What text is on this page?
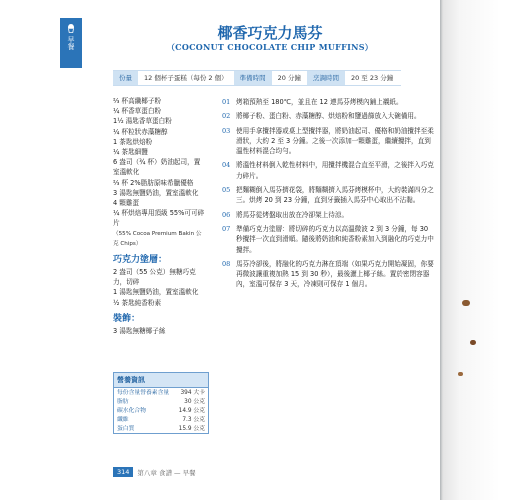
早餐
椰香巧克力馬芬
（COCONUT CHOCOLATE CHIP MUFFINS）
份量	12 個杯子蛋糕（每份 2 個）	準備時間	20 分鐘	烹調時間	20 至 23 分鐘
⅔ 杯高纖椰子粉
¼ 杯香草蛋白粉
1½ 湯匙香草蛋白粉
¼ 杯粒狀赤藻糖醇
1 茶匙烘焙粉
¼ 茶匙細鹽
6 盎司（¾ 杯）奶油起司，置室溫軟化
⅔ 杯 2%脂肪原味希臘優格
3 湯匙無鹽奶油，置室溫軟化
4 顆雞蛋
¼ 杯烘焙專用頂級 55%可可碎片
（55% Cocoa Premium Bakin 公克 Chips）
巧克力塗層：
2 盎司（55 公克）無糖巧克力，切碎
1 湯匙無鹽奶油，置室溫軟化
½ 茶匙純香粉素
裝飾：
3 湯匙無糖椰子絲
01 烤箱預熱至 180℃，並且在 12 連馬芬烤模內鋪上襯紙。
02 將椰子粉、蛋白粉、赤藻糖醇、烘焙粉和鹽過篩放入大碗備用。
03 使用手拿攪拌器或桌上型攪拌器，將奶油起司、優格和奶油攪拌至柔滑狀，大約 2 至 3 分鐘。之後一次添加一顆雞蛋，繼續攪拌，直到溫性材料混合均勻。
04 將溫性材料倒入乾性材料中，用攪拌機混合直至平滑，之後拌入巧克力碎片。
05 把麵糊倒入馬芬擠花袋，將麵糊擠入馬芬烤模杯中，大約裝滿四分之三。烘烤 20 到 23 分鐘，直到牙籤插入馬芬中心取出不沾黏。
06 將馬芬從烤盤取出放在冷卻架上待涼。
07 準備巧克力塗層：將切碎的巧克力以高溫微波 2 到 3 分鐘，每 30 秒攪拌一次直到滑順。隨後將奶油和純香粉素加入到融化的巧克力中攪拌。
08 馬芬冷卻後，將融化的巧克力淋在頂端（如果巧克力開始凝固，你要再微波讓重複加熱 15 到 30 秒），最後灑上椰子絲。置於密閉容器內，室溫可保存 3 天，冷凍則可保存 1 個月。
營養資訊
每份含量營養素含量 394 大卡
脂肪	30 公克
碳水化合物	14.9 公克
纖維	7.3 公克
蛋白質	15.9 公克
314	第八章 食譜 — 早餐
